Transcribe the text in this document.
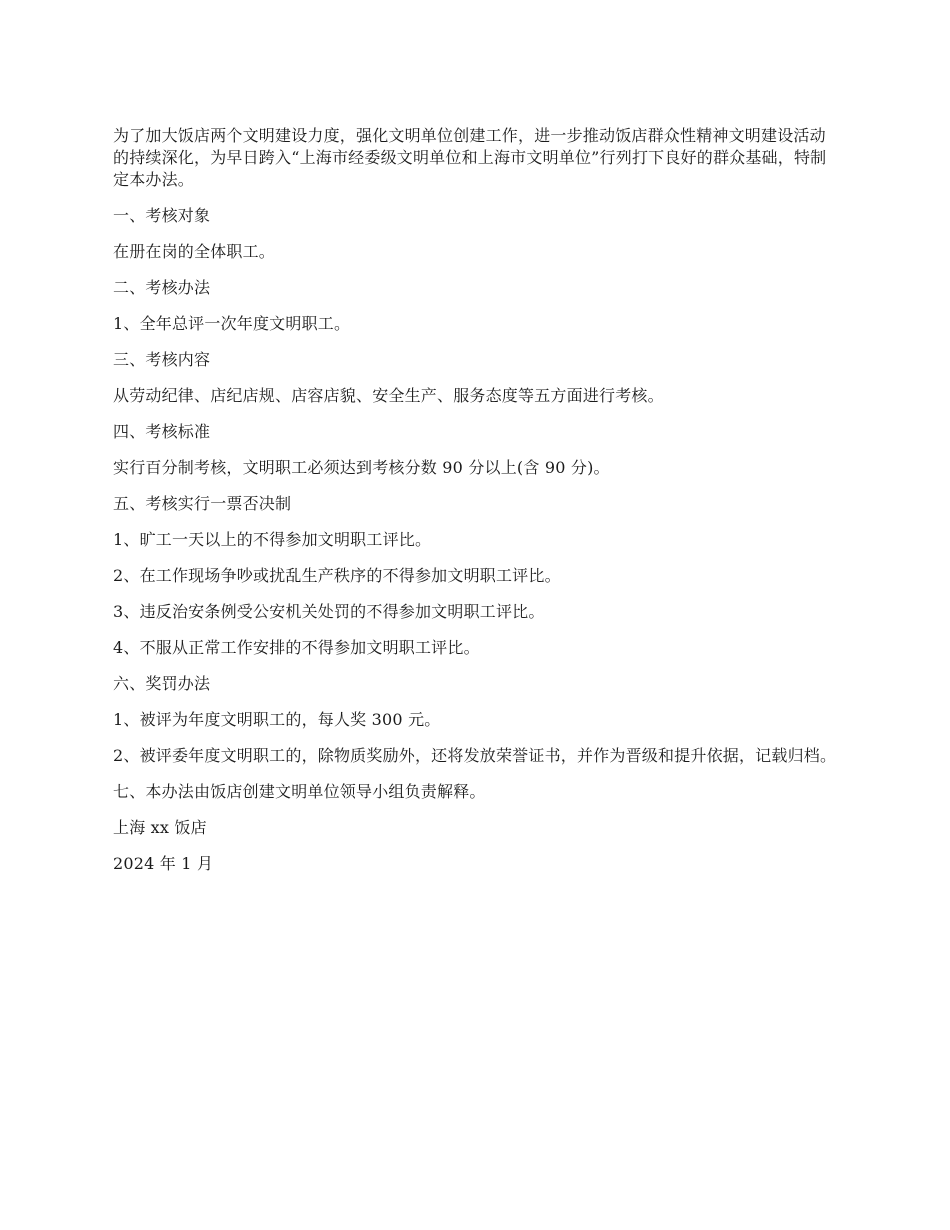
为了加大饭店两个文明建设力度，强化文明单位创建工作，进一步推动饭店群众性精神文明建设活动的持续深化，为早日跨入“上海市经委级文明单位和上海市文明单位”行列打下良好的群众基础，特制定本办法。

一、考核对象

在册在岗的全体职工。

二、考核办法

1、全年总评一次年度文明职工。

三、考核内容

从劳动纪律、店纪店规、店容店貌、安全生产、服务态度等五方面进行考核。

四、考核标准

实行百分制考核，文明职工必须达到考核分数 90 分以上(含 90 分)。

五、考核实行一票否决制

1、旷工一天以上的不得参加文明职工评比。

2、在工作现场争吵或扰乱生产秩序的不得参加文明职工评比。

3、违反治安条例受公安机关处罚的不得参加文明职工评比。

4、不服从正常工作安排的不得参加文明职工评比。

六、奖罚办法

1、被评为年度文明职工的，每人奖 300 元。

2、被评委年度文明职工的，除物质奖励外，还将发放荣誉证书，并作为晋级和提升依据，记载归档。

七、本办法由饭店创建文明单位领导小组负责解释。

上海 xx 饭店

2024 年 1 月
